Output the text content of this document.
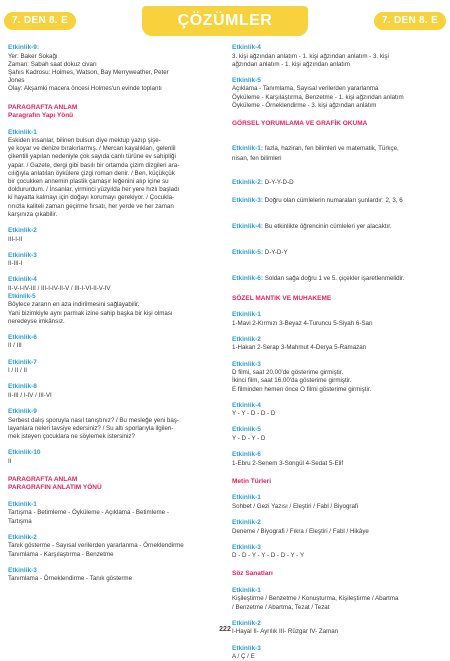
7. DEN 8. E	ÇÖZÜMLER	7. DEN 8. E
Etkinlik-9:
Yer: Baker Sokağı
Zaman: Sabah saat dokuz civarı
Şahıs Kadrosu: Holmes, Watson, Bay Merryweather, Peter
Jones
Olay: Akşamki macera öncesi Holmes'un evinde toplantı
PARAGRAFTA ANLAM
Paragrafın Yapı Yönü
Etkinlik-1
Eskiden insanlar, bilinen bulsun diye mektup yazıp şişe-
ye koyar ve denize bırakırlarmış. / Mercan kayalıkları, gelenlil
çikentili yapılan nedeniyle çok sayıda canlı türüne ev sahipliği
yapar. / Gazete, dergi gibi basılı bir ortamda çizim dizgileri ara-
cılığıyla anlatılan öykülere çizgi roman denir. / Ben, küçükçük
bir çocukken annemin plastik çamaşır leğenini alıp içine su
doldururdum. / İnsanlar, yirminci yüzyılda her yere hızlı başladı
ki hayatta kalmayı için doğayı korumayı gerekiyor. / Çocukla-
rınızla kaliteli zaman geçirme fırsatı, her yerde ve her zaman
karşınıza çıkabilir.
Etkinlik-2
III-I-II
Etkinlik-3
II-III-I
Etkinlik-4
II-V-I-IV-III / III-I-IV-II-V / III-I-VI-II-V-IV
Etkinlik-5
Böylece zararın en aza indirilmesini sağlayabilir.
Yani bizimkiyle aynı parmak izine sahip başka bir kişi olması
neredeyse imkânsız.
Etkinlik-6
II / III
Etkinlik-7
I / II / II
Etkinlik-8
II-III / I-IV / III-VI
Etkinlik-9
Serbest dalış sporuyla nasıl tanıştınız? / Bu mesleğe yeni baş-
layanlara neleri tavsiye edersiniz? / Su altı sporlarıyla ilgilen-
mek isteyen çocuklara ne söylemek istersiniz?
Etkinlik-10
II
PARAGRAFTA ANLAM
PARAGRAFIN ANLATIM YÖNÜ
Etkinlik-1
Tartışma - Betimleme - Öyküleme - Açıklama - Betimleme -
Tartışma
Etkinlik-2
Tanık gösterme - Sayısal verilerden yararlanma - Örneklendirme
Tanımlama - Karşılaştırma - Benzetme
Etkinlik-3
Tanımlama - Örneklendirme - Tanık gösterme
Etkinlik-4
3. kişi ağzından anlatım - 1. kişi ağzından anlatım - 3. kişi
ağzından anlatım - 1. kişi ağzından anlatım
Etkinlik-5
Açıklama - Tanımlama, Sayısal verilerden yararlanma
Öyküleme - Karşılaştırma, Benzetme - 1. kişi ağzından anlatım
Öyküleme - Örneklendirme - 3. kişi ağzından anlatım
GÖRSEL YORUMLAMA VE GRAFİK OKUMA
Etkinlik-1: fazla, haziran, fen bilimleri ve matematik, Türkçe,
nisan, fen bilimleri
Etkinlik-2: D-Y-Y-D-D
Etkinlik-3: Doğru olan cümlelerin numaraları şunlardır: 2, 3, 6
Etkinlik-4: Bu etkinlikte öğrencinin cümleleri yer alacaktır.
Etkinlik-5: D-Y-D-Y
Etkinlik-6: Soldan sağa doğru 1 ve 5. çiçekler işaretlenmelidir.
SÖZEL MANTIK VE MUHAKEME
Etkinlik-1
1-Mavi 2-Kırmızı 3-Beyaz 4-Turuncu 5-Siyah 6-Sarı
Etkinlik-2
1-Hakan 2-Serap 3-Mahmut 4-Derya 5-Ramazan
Etkinlik-3
D filmi, saat 20.00'de gösterime girmiştir.
İkinci film, saat 16.00'da gösterime girmiştir.
E filminden hemen önce O filmi gösterime girmiştir.
Etkinlik-4
Y - Y - D - D - D
Etkinlik-5
Y - D - Y - D
Etkinlik-6
1-Ebru 2-Senem 3-Songül 4-Sedat 5-Elif
Metin Türleri
Etkinlik-1
Sohbet / Gezi Yazısı / Eleştiri / Fabl / Biyografi
Etkinlik-2
Deneme / Biyografi / Fıkra / Eleştiri / Fabl / Hikâye
Etkinlik-3
D - D - Y - Y - D - D - Y - Y
Söz Sanatları
Etkinlik-1
Kişileştirme / Benzetme / Konuşturma, Kişileştirme / Abartma
/ Benzetme / Abartma, Tezat / Tezat
Etkinlik-2
I-Hayal II- Ayrılık III- Rüzgar IV- Zaman
Etkinlik-3
A / Ç / E
222
